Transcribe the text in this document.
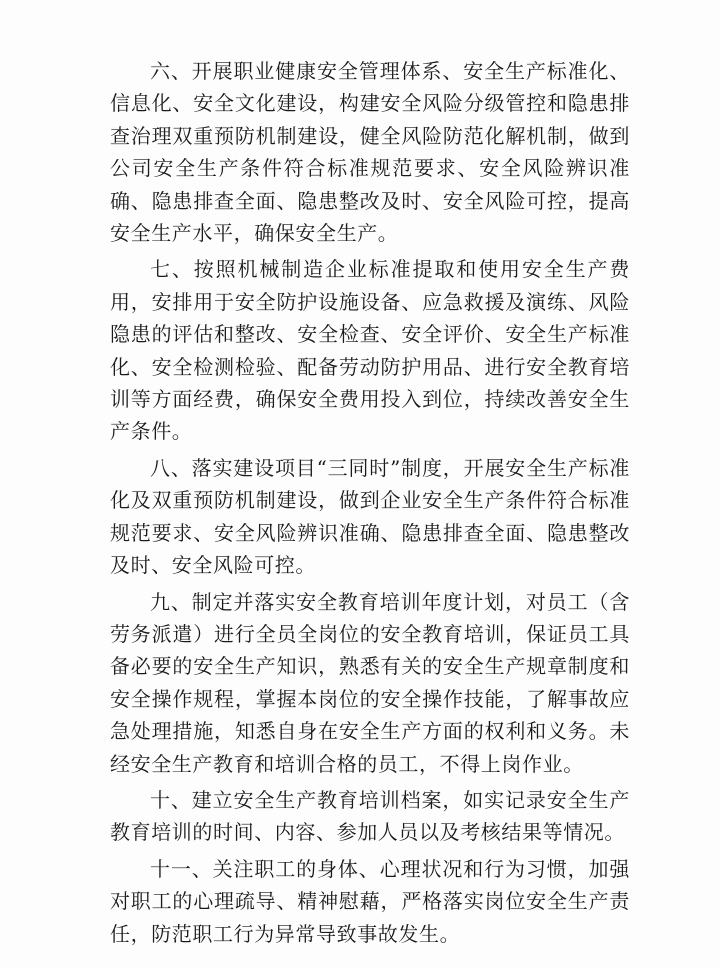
六、开展职业健康安全管理体系、安全生产标准化、信息化、安全文化建设，构建安全风险分级管控和隐患排查治理双重预防机制建设，健全风险防范化解机制，做到公司安全生产条件符合标准规范要求、安全风险辨识准确、隐患排查全面、隐患整改及时、安全风险可控，提高安全生产水平，确保安全生产。

七、按照机械制造企业标准提取和使用安全生产费用，安排用于安全防护设施设备、应急救援及演练、风险隐患的评估和整改、安全检查、安全评价、安全生产标准化、安全检测检验、配备劳动防护用品、进行安全教育培训等方面经费，确保安全费用投入到位，持续改善安全生产条件。

八、落实建设项目“三同时”制度，开展安全生产标准化及双重预防机制建设，做到企业安全生产条件符合标准规范要求、安全风险辨识准确、隐患排查全面、隐患整改及时、安全风险可控。

九、制定并落实安全教育培训年度计划，对员工（含劳务派遣）进行全员全岗位的安全教育培训，保证员工具备必要的安全生产知识，熟悉有关的安全生产规章制度和安全操作规程，掌握本岗位的安全操作技能，了解事故应急处理措施，知悉自身在安全生产方面的权利和义务。未经安全生产教育和培训合格的员工，不得上岗作业。

十、建立安全生产教育培训档案，如实记录安全生产教育培训的时间、内容、参加人员以及考核结果等情况。

十一、关注职工的身体、心理状况和行为习惯，加强对职工的心理疏导、精神慰藉，严格落实岗位安全生产责任，防范职工行为异常导致事故发生。
